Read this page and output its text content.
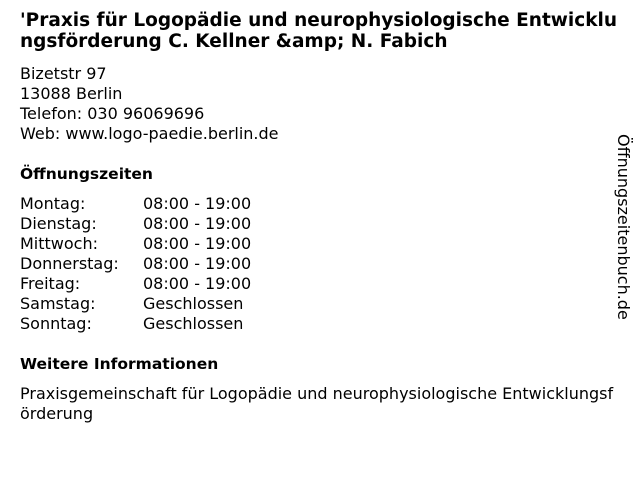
'Praxis für Logopädie und neurophysiologische Entwicklungsförderung C. Kellner &amp; N. Fabich
Bizetstr 97
13088 Berlin
Telefon: 030 96069696
Web: www.logo-paedie.berlin.de
Öffnungszeiten
Montag:	08:00 - 19:00
Dienstag:	08:00 - 19:00
Mittwoch:	08:00 - 19:00
Donnerstag:	08:00 - 19:00
Freitag:	08:00 - 19:00
Samstag:	Geschlossen
Sonntag:	Geschlossen
Weitere Informationen
Praxisgemeinschaft für Logopädie und neurophysiologische Entwicklungsförderung
Öffnungszeitenbuch.de
